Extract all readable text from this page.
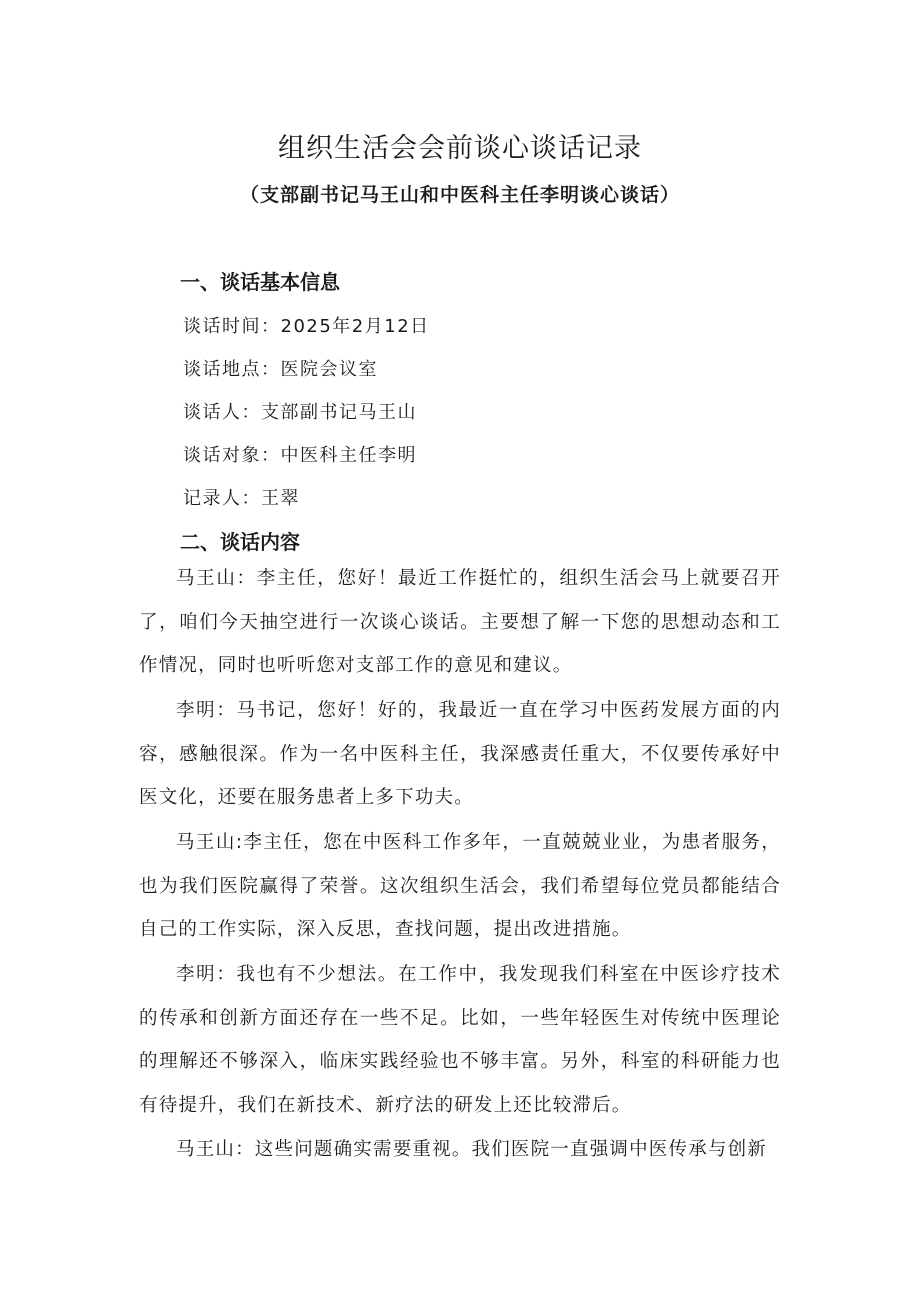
组织生活会会前谈心谈话记录
（支部副书记马王山和中医科主任李明谈心谈话）
一、谈话基本信息

谈话时间：2025年2月12日

谈话地点：医院会议室

谈话人：支部副书记马王山

谈话对象：中医科主任李明

记录人：王翠

二、谈话内容

马王山：李主任，您好！最近工作挺忙的，组织生活会马上就要召开了，咱们今天抽空进行一次谈心谈话。主要想了解一下您的思想动态和工作情况，同时也听听您对支部工作的意见和建议。

李明：马书记，您好！好的，我最近一直在学习中医药发展方面的内容，感触很深。作为一名中医科主任，我深感责任重大，不仅要传承好中医文化，还要在服务患者上多下功夫。

马王山:李主任，您在中医科工作多年，一直兢兢业业，为患者服务，也为我们医院赢得了荣誉。这次组织生活会，我们希望每位党员都能结合自己的工作实际，深入反思，查找问题，提出改进措施。

李明：我也有不少想法。在工作中，我发现我们科室在中医诊疗技术的传承和创新方面还存在一些不足。比如，一些年轻医生对传统中医理论的理解还不够深入，临床实践经验也不够丰富。另外，科室的科研能力也有待提升，我们在新技术、新疗法的研发上还比较滞后。

马王山：这些问题确实需要重视。我们医院一直强调中医传承与创新
